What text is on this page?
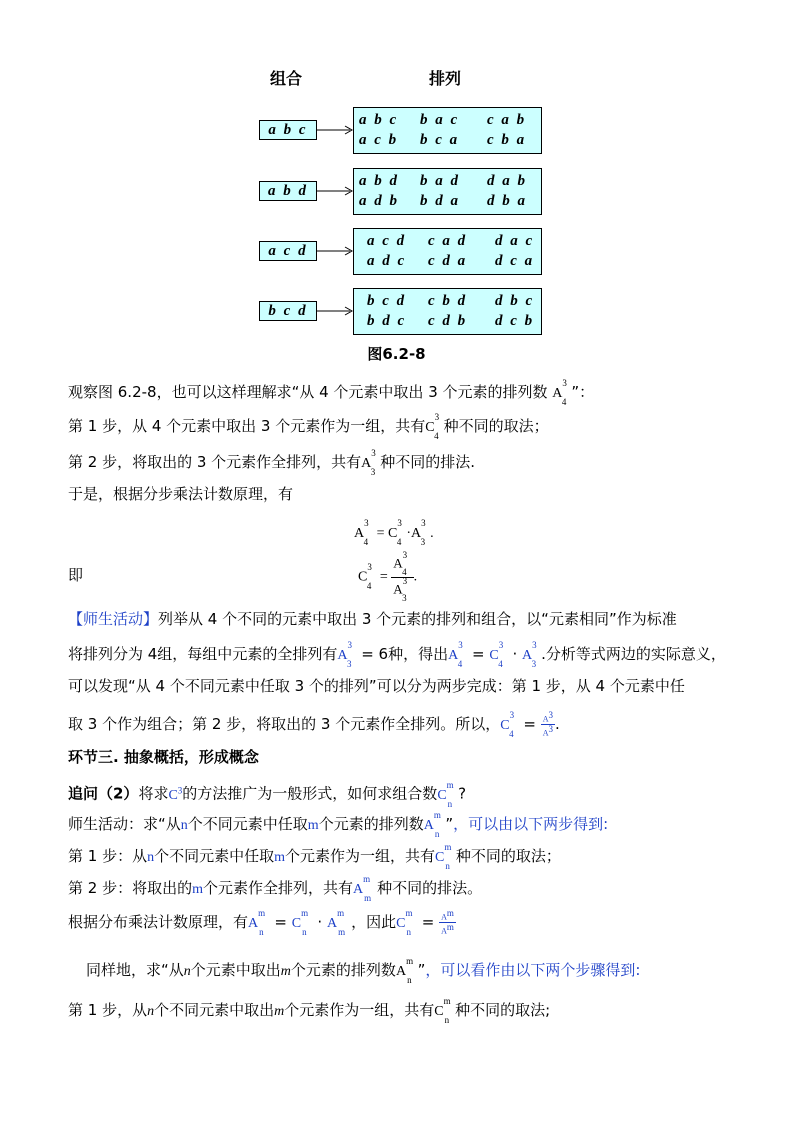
组合	排列
a b c
a b c b a c c a b
a c b b c a c b a
a b d
a b d b a d d a b
a d b b d a d b a
a c d
a c d c a d d a c
a d c c d a d c a
b c d
b c d c b d d b c
b d c c d b d c b
图6.2-8
观察图 6.2-8，也可以这样理解求“从 4 个元素中取出 3 个元素的排列数 $A^3_4$”：
第 1 步，从 4 个元素中取出 3 个元素作为一组，共有$C^3_4$种不同的取法；
第 2 步，将取出的 3 个元素作全排列，共有$A^3_3$种不同的排法.
于是，根据分步乘法计数原理，有
$A^3_4 = C^3_4\cdot A^3_3$.
即	$C^3_4 = \frac{A^3_4}{A^3_3}$ .
【师生活动】列举从 4 个不同的元素中取出 3 个元素的排列和组合，以“元素相同”作为标准
将排列分为 4组，每组中元素的全排列有$A^3_3 = 6$种，得出$A^3_4 = C^3_4 \cdot A^3_3$.分析等式两边的实际意义，
可以发现“从 4 个不同元素中任取 3 个的排列”可以分为两步完成：第 1 步，从 4 个元素中任
取 3 个作为组合；第 2 步，将取出的 3 个元素作全排列。所以，$C^3_4 = \frac{A^3}{A^3}$ .
环节三. 抽象概括，形成概念
追问（2）将求$C^3$的方法推广为一般形式，如何求组合数$C^m_n$?
师生活动：求“从n个不同元素中任取m个元素的排列数$A^m_n$”，可以由以下两步得到:
第 1 步：从n个不同元素中任取m个元素作为一组，共有$C^m_n$种不同的取法；
第 2 步：将取出的m个元素作全排列，共有$A^m_m$种不同的排法。
根据分布乘法计数原理，有$A^m_n = C^m_n \cdot A^m_m$，因此$C^m_n = \frac{A^m}{A^m}$
同样地，求“从n个元素中取出m个元素的排列数$A^m_n$”，可以看作由以下两个步骤得到:
第 1 步，从n个不同元素中取出m个元素作为一组，共有$C^m_n$种不同的取法;
